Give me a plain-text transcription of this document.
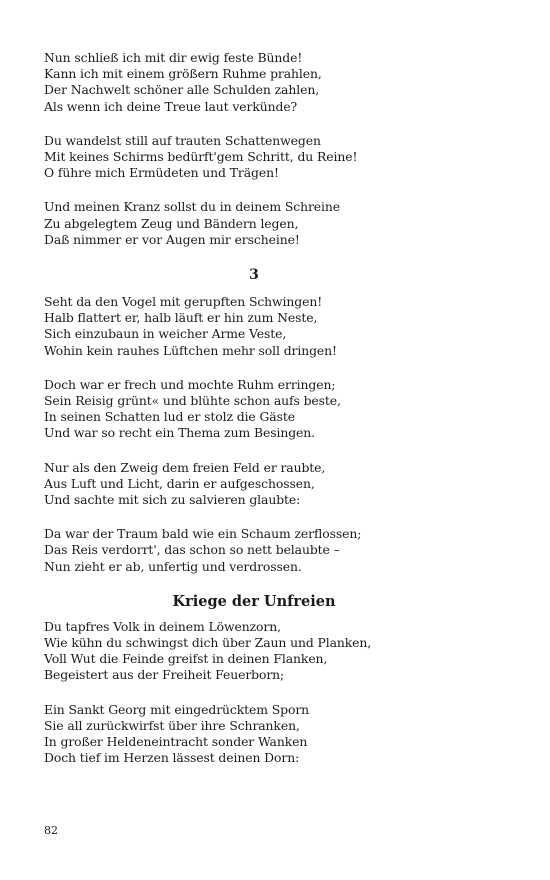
Nun schließ ich mit dir ewig feste Bünde!
Kann ich mit einem größern Ruhme prahlen,
Der Nachwelt schöner alle Schulden zahlen,
Als wenn ich deine Treue laut verkünde?
Du wandelst still auf trauten Schattenwegen
Mit keines Schirms bedürft'gem Schritt, du Reine!
O führe mich Ermüdeten und Trägen!
Und meinen Kranz sollst du in deinem Schreine
Zu abgelegtem Zeug und Bändern legen,
Daß nimmer er vor Augen mir erscheine!
3
Seht da den Vogel mit gerupften Schwingen!
Halb flattert er, halb läuft er hin zum Neste,
Sich einzubaun in weicher Arme Veste,
Wohin kein rauhes Lüftchen mehr soll dringen!
Doch war er frech und mochte Ruhm erringen;
Sein Reisig grünt« und blühte schon aufs beste,
In seinen Schatten lud er stolz die Gäste
Und war so recht ein Thema zum Besingen.
Nur als den Zweig dem freien Feld er raubte,
Aus Luft und Licht, darin er aufgeschossen,
Und sachte mit sich zu salvieren glaubte:
Da war der Traum bald wie ein Schaum zerflossen;
Das Reis verdorrt', das schon so nett belaubte –
Nun zieht er ab, unfertig und verdrossen.
Kriege der Unfreien
Du tapfres Volk in deinem Löwenzorn,
Wie kühn du schwingst dich über Zaun und Planken,
Voll Wut die Feinde greifst in deinen Flanken,
Begeistert aus der Freiheit Feuerborn;
Ein Sankt Georg mit eingedrücktem Sporn
Sie all zurückwirfst über ihre Schranken,
In großer Heldeneintracht sonder Wanken
Doch tief im Herzen lässest deinen Dorn:
82
